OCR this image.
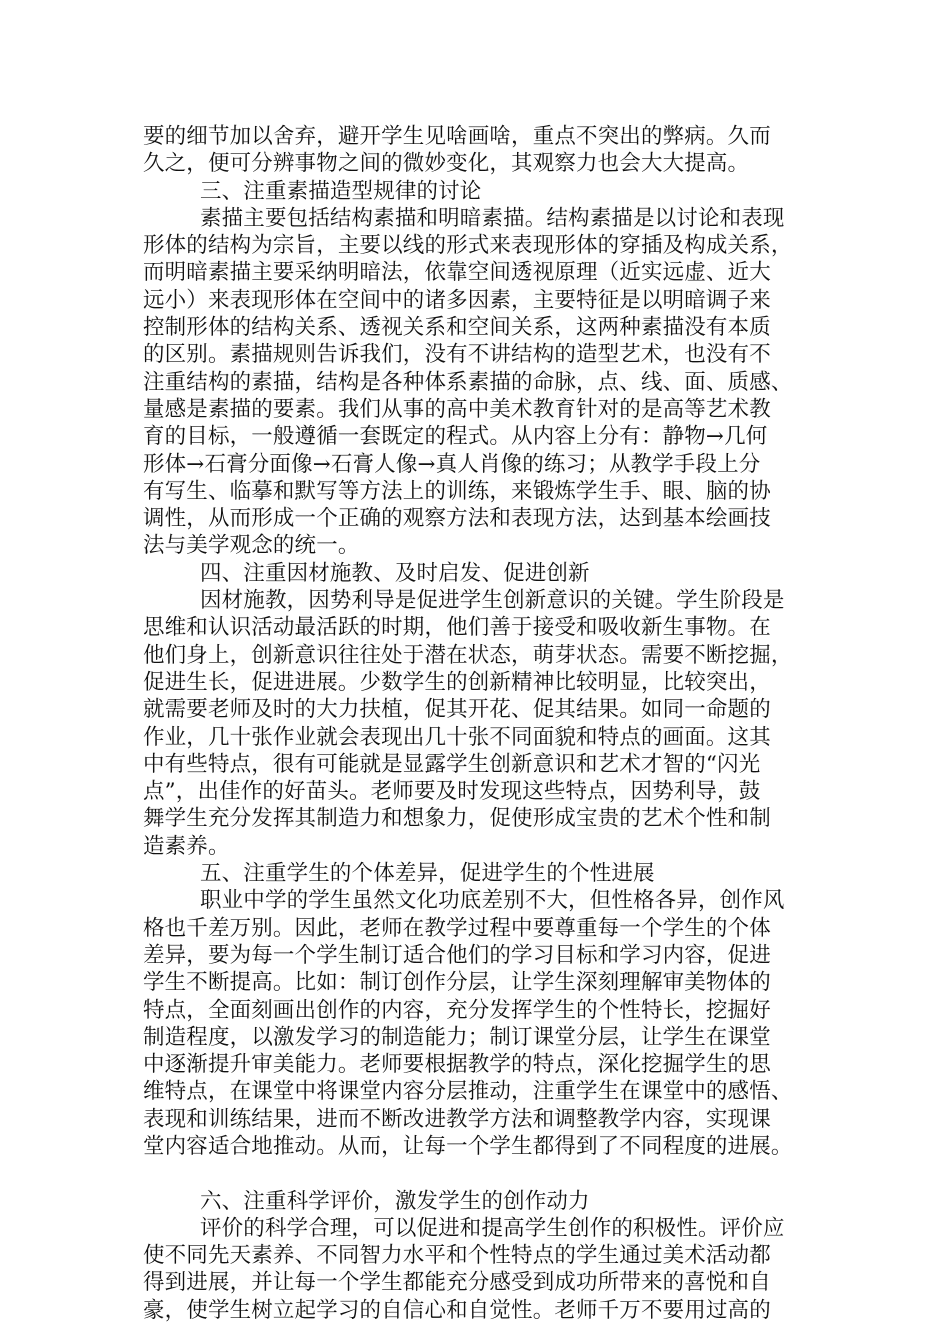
要的细节加以舍弃，避开学生见啥画啥，重点不突出的弊病。久而
久之，便可分辨事物之间的微妙变化，其观察力也会大大提高。
三、注重素描造型规律的讨论
素描主要包括结构素描和明暗素描。结构素描是以讨论和表现
形体的结构为宗旨，主要以线的形式来表现形体的穿插及构成关系，
而明暗素描主要采纳明暗法，依靠空间透视原理（近实远虚、近大
远小）来表现形体在空间中的诸多因素，主要特征是以明暗调子来
控制形体的结构关系、透视关系和空间关系，这两种素描没有本质
的区别。素描规则告诉我们，没有不讲结构的造型艺术，也没有不
注重结构的素描，结构是各种体系素描的命脉，点、线、面、质感、
量感是素描的要素。我们从事的高中美术教育针对的是高等艺术教
育的目标，一般遵循一套既定的程式。从内容上分有：静物→几何
形体→石膏分面像→石膏人像→真人肖像的练习；从教学手段上分
有写生、临摹和默写等方法上的训练，来锻炼学生手、眼、脑的协
调性，从而形成一个正确的观察方法和表现方法，达到基本绘画技
法与美学观念的统一。
四、注重因材施教、及时启发、促进创新
因材施教，因势利导是促进学生创新意识的关键。学生阶段是
思维和认识活动最活跃的时期，他们善于接受和吸收新生事物。在
他们身上，创新意识往往处于潜在状态，萌芽状态。需要不断挖掘，
促进生长，促进进展。少数学生的创新精神比较明显，比较突出，
就需要老师及时的大力扶植，促其开花、促其结果。如同一命题的
作业，几十张作业就会表现出几十张不同面貌和特点的画面。这其
中有些特点，很有可能就是显露学生创新意识和艺术才智的“闪光
点”，出佳作的好苗头。老师要及时发现这些特点，因势利导，鼓
舞学生充分发挥其制造力和想象力，促使形成宝贵的艺术个性和制
造素养。
五、注重学生的个体差异，促进学生的个性进展
职业中学的学生虽然文化功底差别不大，但性格各异，创作风
格也千差万别。因此，老师在教学过程中要尊重每一个学生的个体
差异，要为每一个学生制订适合他们的学习目标和学习内容，促进
学生不断提高。比如：制订创作分层，让学生深刻理解审美物体的
特点，全面刻画出创作的内容，充分发挥学生的个性特长，挖掘好
制造程度，以激发学习的制造能力；制订课堂分层，让学生在课堂
中逐渐提升审美能力。老师要根据教学的特点，深化挖掘学生的思
维特点，在课堂中将课堂内容分层推动，注重学生在课堂中的感悟、
表现和训练结果，进而不断改进教学方法和调整教学内容，实现课
堂内容适合地推动。从而，让每一个学生都得到了不同程度的进展。
六、注重科学评价，激发学生的创作动力
评价的科学合理，可以促进和提高学生创作的积极性。评价应
使不同先天素养、不同智力水平和个性特点的学生通过美术活动都
得到进展，并让每一个学生都能充分感受到成功所带来的喜悦和自
豪，使学生树立起学习的自信心和自觉性。老师千万不要用过高的
